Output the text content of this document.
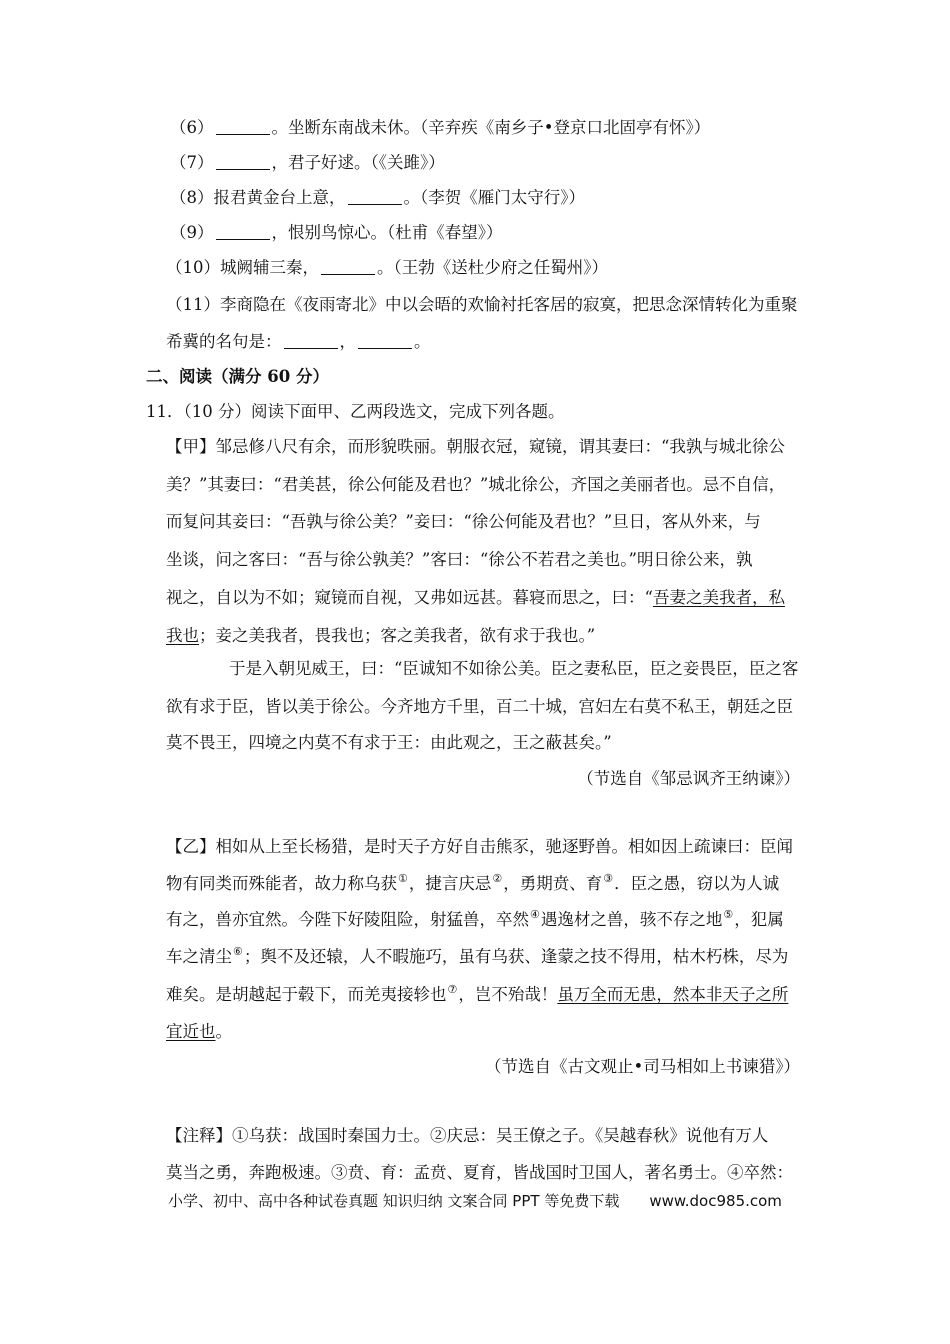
（6）	。坐断东南战未休。（辛弃疾《南乡子•登京口北固亭有怀》）
（7）	，君子好逑。（《关雎》）
（8）报君黄金台上意，	。（李贺《雁门太守行》）
（9）	，恨别鸟惊心。（杜甫《春望》）
（10）城阙辅三秦，	。（王勃《送杜少府之任蜀州》）
（11）李商隐在《夜雨寄北》中以会晤的欢愉衬托客居的寂寞，把思念深情转化为重聚
希冀的名句是：	，	。
二、阅读（满分 60 分）
11．（10 分）阅读下面甲、乙两段选文，完成下列各题。
【甲】邹忌修八尺有余，而形貌昳丽。朝服衣冠，窥镜，谓其妻曰：“我孰与城北徐公
美？”其妻曰：“君美甚，徐公何能及君也？”城北徐公，齐国之美丽者也。忌不自信，
而复问其妾曰：“吾孰与徐公美？”妾曰：“徐公何能及君也？”旦日，客从外来，与
坐谈，问之客曰：“吾与徐公孰美？”客曰：“徐公不若君之美也。”明日徐公来，孰
视之，自以为不如；窥镜而自视，又弗如远甚。暮寝而思之，曰：“吾妻之美我者，私
我也；妾之美我者，畏我也；客之美我者，欲有求于我也。”
于是入朝见威王，曰：“臣诚知不如徐公美。臣之妻私臣，臣之妾畏臣，臣之客
欲有求于臣，皆以美于徐公。今齐地方千里，百二十城，宫妇左右莫不私王，朝廷之臣
莫不畏王，四境之内莫不有求于王：由此观之，王之蔽甚矣。”
（节选自《邹忌讽齐王纳谏》）
【乙】相如从上至长杨猎，是时天子方好自击熊豕，驰逐野兽。相如因上疏谏曰：臣闻
物有同类而殊能者，故力称乌获①，捷言庆忌②，勇期贲、育③．臣之愚，窃以为人诚
有之，兽亦宜然。今陛下好陵阻险，射猛兽，卒然④遇逸材之兽，骇不存之地⑤，犯属
车之清尘⑥；舆不及还辕，人不暇施巧，虽有乌获、逢蒙之技不得用，枯木朽株，尽为
难矣。是胡越起于毂下，而羌夷接轸也⑦，岂不殆哉！虽万全而无患，然本非天子之所
宜近也。
（节选自《古文观止•司马相如上书谏猎》）
【注释】①乌获：战国时秦国力士。②庆忌：吴王僚之子。《吴越春秋》说他有万人
莫当之勇，奔跑极速。③贲、育：孟贲、夏育，皆战国时卫国人，著名勇士。④卒然：
小学、初中、高中各种试卷真题 知识归纳 文案合同 PPT 等免费下载 www.doc985.com
